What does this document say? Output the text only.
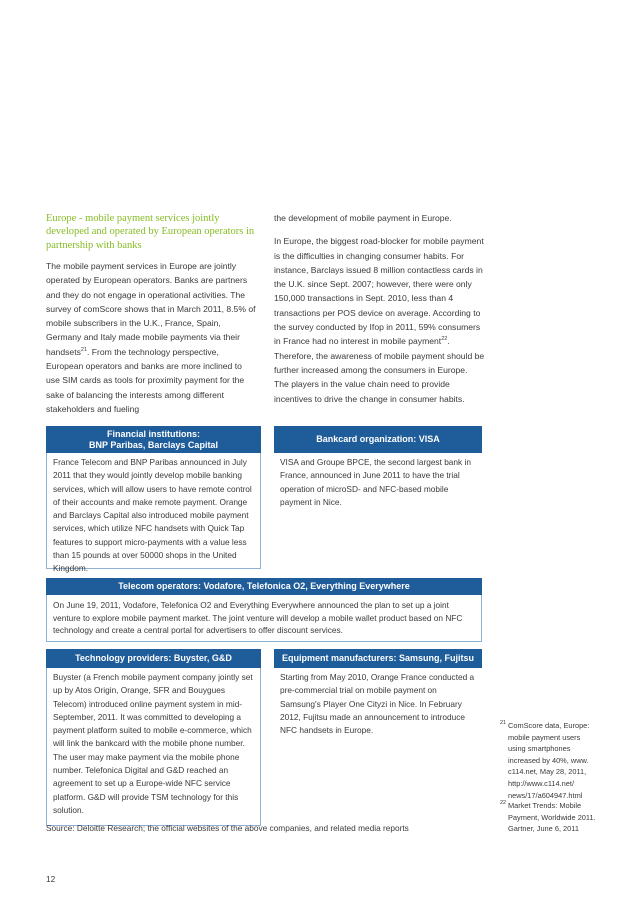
Europe - mobile payment services jointly developed and operated by European operators in partnership with banks
The mobile payment services in Europe are jointly operated by European operators. Banks are partners and they do not engage in operational activities. The survey of comScore shows that in March 2011, 8.5% of mobile subscribers in the U.K., France, Spain, Germany and Italy made mobile payments via their handsets$^{21}$. From the technology perspective, European operators and banks are more inclined to use SIM cards as tools for proximity payment for the sake of balancing the interests among different stakeholders and fueling

the development of mobile payment in Europe.

In Europe, the biggest road-blocker for mobile payment is the difficulties in changing consumer habits. For instance, Barclays issued 8 million contactless cards in the U.K. since Sept. 2007; however, there were only 150,000 transactions in Sept. 2010, less than 4 transactions per POS device on average. According to the survey conducted by Ifop in 2011, 59% consumers in France had no interest in mobile payment$^{22}$. Therefore, the awareness of mobile payment should be further increased among the consumers in Europe.

The players in the value chain need to provide incentives to drive the change in consumer habits.

Financial institutions:
BNP Paribas, Barclays Capital
France Telecom and BNP Paribas announced in July 2011 that they would jointly develop mobile banking services, which will allow users to have remote control of their accounts and make remote payment. Orange and Barclays Capital also introduced mobile payment services, which utilize NFC handsets with Quick Tap features to support micro-payments with a value less than 15 pounds at over 50000 shops in the United Kingdom.
Bankcard organization: VISA
VISA and Groupe BPCE, the second largest bank in France, announced in June 2011 to have the trial operation of microSD- and NFC-based mobile payment in Nice.
Telecom operators: Vodafore, Telefonica O2, Everything Everywhere
On June 19, 2011, Vodafore, Telefonica O2 and Everything Everywhere announced the plan to set up a joint venture to explore mobile payment market. The joint venture will develop a mobile wallet product based on NFC technology and create a central portal for advertisers to offer discount services.
Technology providers: Buyster, G&D
Buyster (a French mobile payment company jointly set up by Atos Origin, Orange, SFR and Bouygues Telecom) introduced online payment system in mid-September, 2011. It was committed to developing a payment platform suited to mobile e-commerce, which will link the bankcard with the mobile phone number. The user may make payment via the mobile phone number. Telefonica Digital and G&D reached an agreement to set up a Europe-wide NFC service platform. G&D will provide TSM technology for this solution.
Equipment manufacturers: Samsung, Fujitsu
Starting from May 2010, Orange France conducted a pre-commercial trial on mobile payment on Samsung's Player One Cityzi in Nice. In February 2012, Fujitsu made an announcement to introduce NFC handsets in Europe.
Source: Deloitte Research; the official websites of the above companies, and related media reports
21 ComScore data, Europe: mobile payment users using smartphones increased by 40%, www. c114.net, May 28, 2011, http://www.c114.net/ news/17/a604947.html
22 Market Trends: Mobile Payment, Worldwide 2011. Gartner, June 6, 2011
12
